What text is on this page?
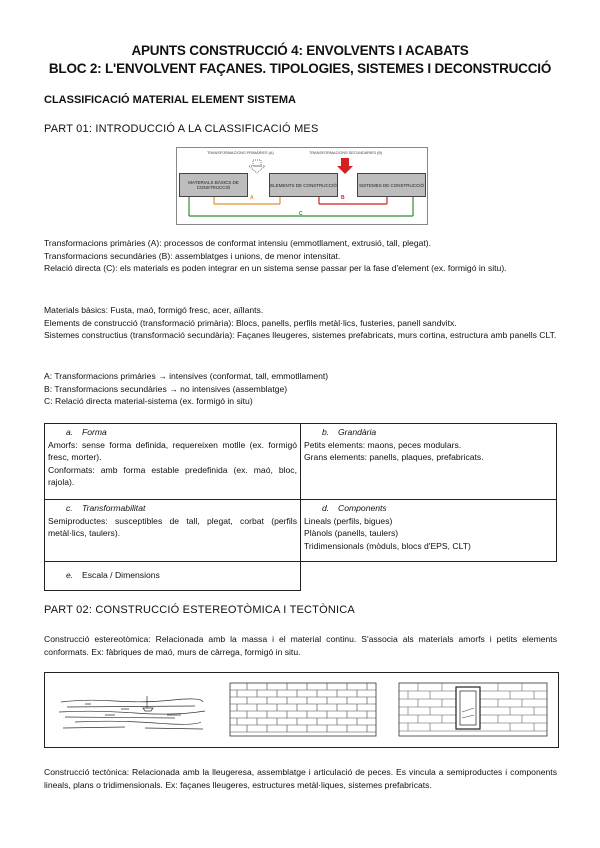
APUNTS CONSTRUCCIÓ 4: ENVOLVENTS I ACABATS
BLOC 2: L'ENVOLVENT FAÇANES. TIPOLOGIES, SISTEMES I DECONSTRUCCIÓ
CLASSIFICACIÓ MATERIAL ELEMENT SISTEMA
PART 01: INTRODUCCIÓ A LA CLASSIFICACIÓ MES
TRANSFORMACIONS PRIMÀRIES (A)	TRANSFORMACIONS SECUNDÀRIES (B)
MATERIALS BÀSICS DE CONSTRUCCIÓ	ELEMENTS DE CONSTRUCCIÓ	SISTEMES DE CONSTRUCCIÓ
A	B
C
Transformacions primàries (A): processos de conformat intensiu (emmotllament, extrusió, tall, plegat).
Transformacions secundàries (B): assemblatges i unions, de menor intensitat.
Relació directa (C): els materials es poden integrar en un sistema sense passar per la fase d'element (ex. formigó in situ).
Materials bàsics: Fusta, maó, formigó fresc, acer, aïllants.
Elements de construcció (transformació primària): Blocs, panells, perfils metàl·lics, fusteries, panell sandvitx.
Sistemes constructius (transformació secundària): Façanes lleugeres, sistemes prefabricats, murs cortina, estructura amb panells CLT.
A: Transformacions primàries → intensives (conformat, tall, emmotllament)
B: Transformacions secundàries → no intensives (assemblatge)
C: Relació directa material-sistema (ex. formigó in situ)
a. Forma
Amorfs: sense forma definida, requereixen motlle (ex. formigó fresc, morter).
Conformats: amb forma estable predefinida (ex. maó, bloc, rajola).
b. Grandària
Petits elements: maons, peces modulars.
Grans elements: panells, plaques, prefabricats.
c. Transformabilitat
Semiproductes: susceptibles de tall, plegat, corbat (perfils metàl·lics, taulers).
d. Components
Lineals (perfils, bigues)
Plànols (panells, taulers)
Tridimensionals (mòduls, blocs d'EPS, CLT)
e. Escala / Dimensions
PART 02: CONSTRUCCIÓ ESTEREOTÒMICA I TECTÒNICA
Construcció estereotòmica: Relacionada amb la massa i el material continu. S'associa als materials amorfs i petits elements conformats. Ex: fàbriques de maó, murs de càrrega, formigó in situ.
Construcció tectònica: Relacionada amb la lleugeresa, assemblatge i articulació de peces. Es vincula a semiproductes i components lineals, plans o tridimensionals. Ex: façanes lleugeres, estructures metàl·liques, sistemes prefabricats.
